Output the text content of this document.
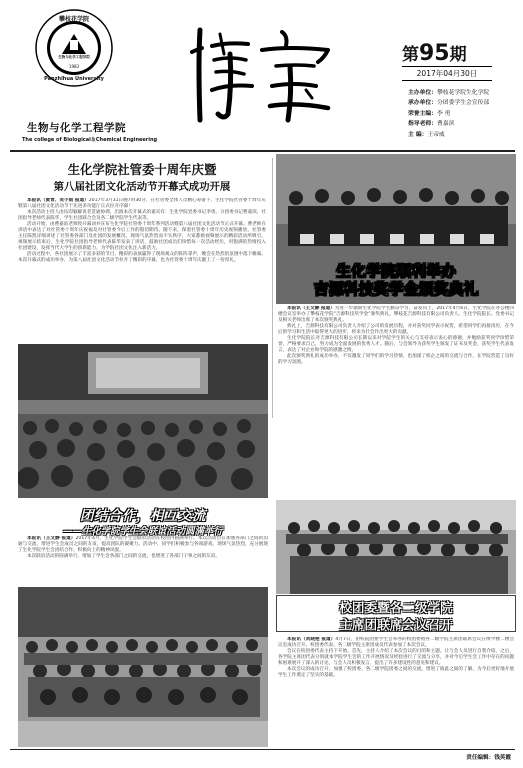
攀枝花学院
生物与化学工程学院
1983
Panzhihua University
生物与化学工程学院
The college of Biological＆Chemical Engineering
第95期
2017年04月30日
主办单位：攀枝花学院生化学院
承办单位：分团委学生会宣传部
荣誉主编：李 勇
指导老师：曹嘉滨
主 编：王帝威
生化学院社管委十周年庆暨
第八届社团文化活动节开幕式成功开展

本报讯（黄青、吴小雨 报道）2017年3月31日晚7时30分，在社管委全体人员精心筹备下，生化学院社管委十周年庆暨第八届社团文化活动节于先进多功能厅正式拉开序幕！

本次活动主持人由伍印颖解说者贯通协调，出演本次开幕式的嘉宾有：生化学院党委书记李勇，分团委书记曹嘉滨，社团指导老师代表陈华，学生社团联合会及各二级学院学生代表等。

活动开始，由曹嘉滨老师致开幕词并宣布生化学院社管委十周年系列活动暨第八届社团文化活动节正式开幕。曹老师在讲话中表达了对社管委十周年庆祝福及对社管委今后工作的殷切期待。随下来，保着社管委十周年历史视频播放，社管委主任陈凯详细讲述了社管委各部门及社团的发展概况，现场气氛热烈而不失秩序，大家都被视频展示的精彩活动所吸引，视频展示结束后，生化学院社团指导老师代表陈华发表了讲话，鼓励社团成员们珍惜每一次活动经历，用饱满的热情投入社团建设，发挥当代大学生的创新能力，为学院社团文化注入新活力。

活动过程中，各社团展示了丰富多彩的节目，精彩的表演赢得了现场观众的阵阵掌声，晚会在热烈的氛围中落下帷幕。本次开幕式的成功举办，为第八届社团文化活动节拉开了精彩的序幕，也为社管委十周年庆献上了一份厚礼。

生化学院顺利举办
吉源科技奖学金颁奖典礼

本报讯（王文静 报道）为进一步激励生化学院学生勤奋学习、奋发向上，2017年4月6日，生化学院在办公楼四楼会议室举办了攀枝花学院“吉源科技奖学金”颁奖典礼。攀枝花吉源科技有限公司负责人、生化学院院长、党委书记及相关老师出席了本次颁奖典礼。

典礼上，吉源科技有限公司负责人介绍了公司的发展历程，并对获奖同学表示祝贺，希望同学们再接再厉，在今后的学习和生活中取得更大的进步，将来为社会作出更大的贡献。

生化学院院长对吉源科技有限公司长期以来对学院学生的关心与支持表示衷心的感谢，并勉励获奖同学珍惜荣誉，严格要求自己，努力成为全面发展的优秀人才。随后，与会领导为获奖学生颁发了证书及奖金，获奖学生代表发言，表达了对企业和学院的感激之情。

此次颁奖典礼的成功举办，不仅激发了同学们的学习热情，也加深了校企之间的交流与合作，在学院营造了良好的学习氛围。

团结合作，相互交流
——生化学院学生会联谊活动圆满举行

本报讯（王文静 报道）2017年4月，生化学院学生会联谊活动在校园内圆满举行。本次活动旨在加强各部门之间的沟通与交流，增进学生会成员之间的友谊，提高团队的凝聚力。活动中，同学们积极参与各项游戏，现场气氛热烈，充分展现了生化学院学生会团结合作、积极向上的精神风貌。

本次联谊活动的圆满举行，增加了学生会各部门之间的交流，也增进了各部门干事之间的友谊。

校团委暨各二级学院
主席团联席会议召开

本报讯（刘晓艳 报道）4月7日，由校院团委学生会举办的校团委暨各二级学院主席团联席会议在博学楼二楼会议室成功召开。校团委代表、各二级学院主席团成员代表参加了本次会议。

会议在校团委代表主持下开始。首先，主持人介绍了本次会议的目的和主题，让与会人员进行自我介绍。之后，各学院主席团代表分别就本学院学生会的工作开展情况及经验进行了交流与分享，并对今后学生会工作中存在的问题和困难展开了深入的讨论，与会人员积极发言，提出了许多建设性的意见和建议。

本次会议的成功召开，加强了校团委、各二级学院团委之间的交流，增进了彼此之间的了解，为今后更好地开展学生工作奠定了坚实的基础。

责任编辑：钱英霞
